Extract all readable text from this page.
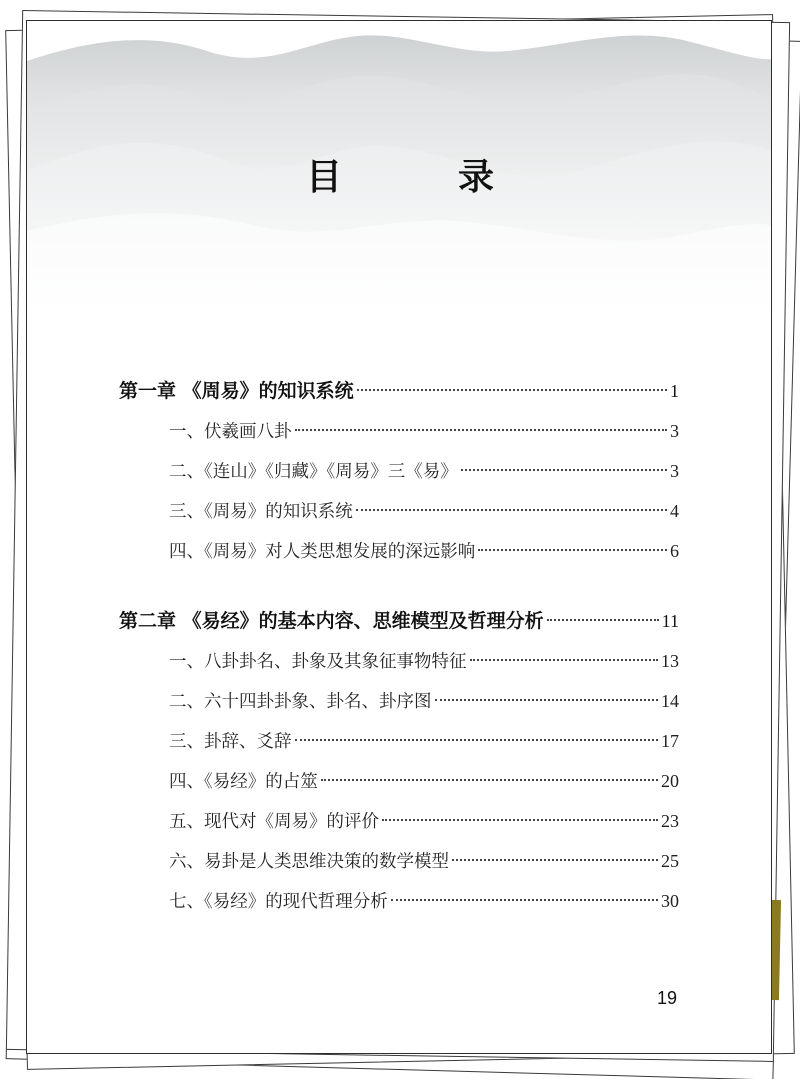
目　录
第一章 《周易》的知识系统	1
一、伏羲画八卦	3
二、《连山》《归藏》《周易》三《易》	3
三、《周易》的知识系统	4
四、《周易》对人类思想发展的深远影响	6
第二章 《易经》的基本内容、思维模型及哲理分析	11
一、八卦卦名、卦象及其象征事物特征	13
二、六十四卦卦象、卦名、卦序图	14
三、卦辞、爻辞	17
四、《易经》的占筮	20
五、现代对《周易》的评价	23
六、易卦是人类思维决策的数学模型	25
七、《易经》的现代哲理分析	30
19
